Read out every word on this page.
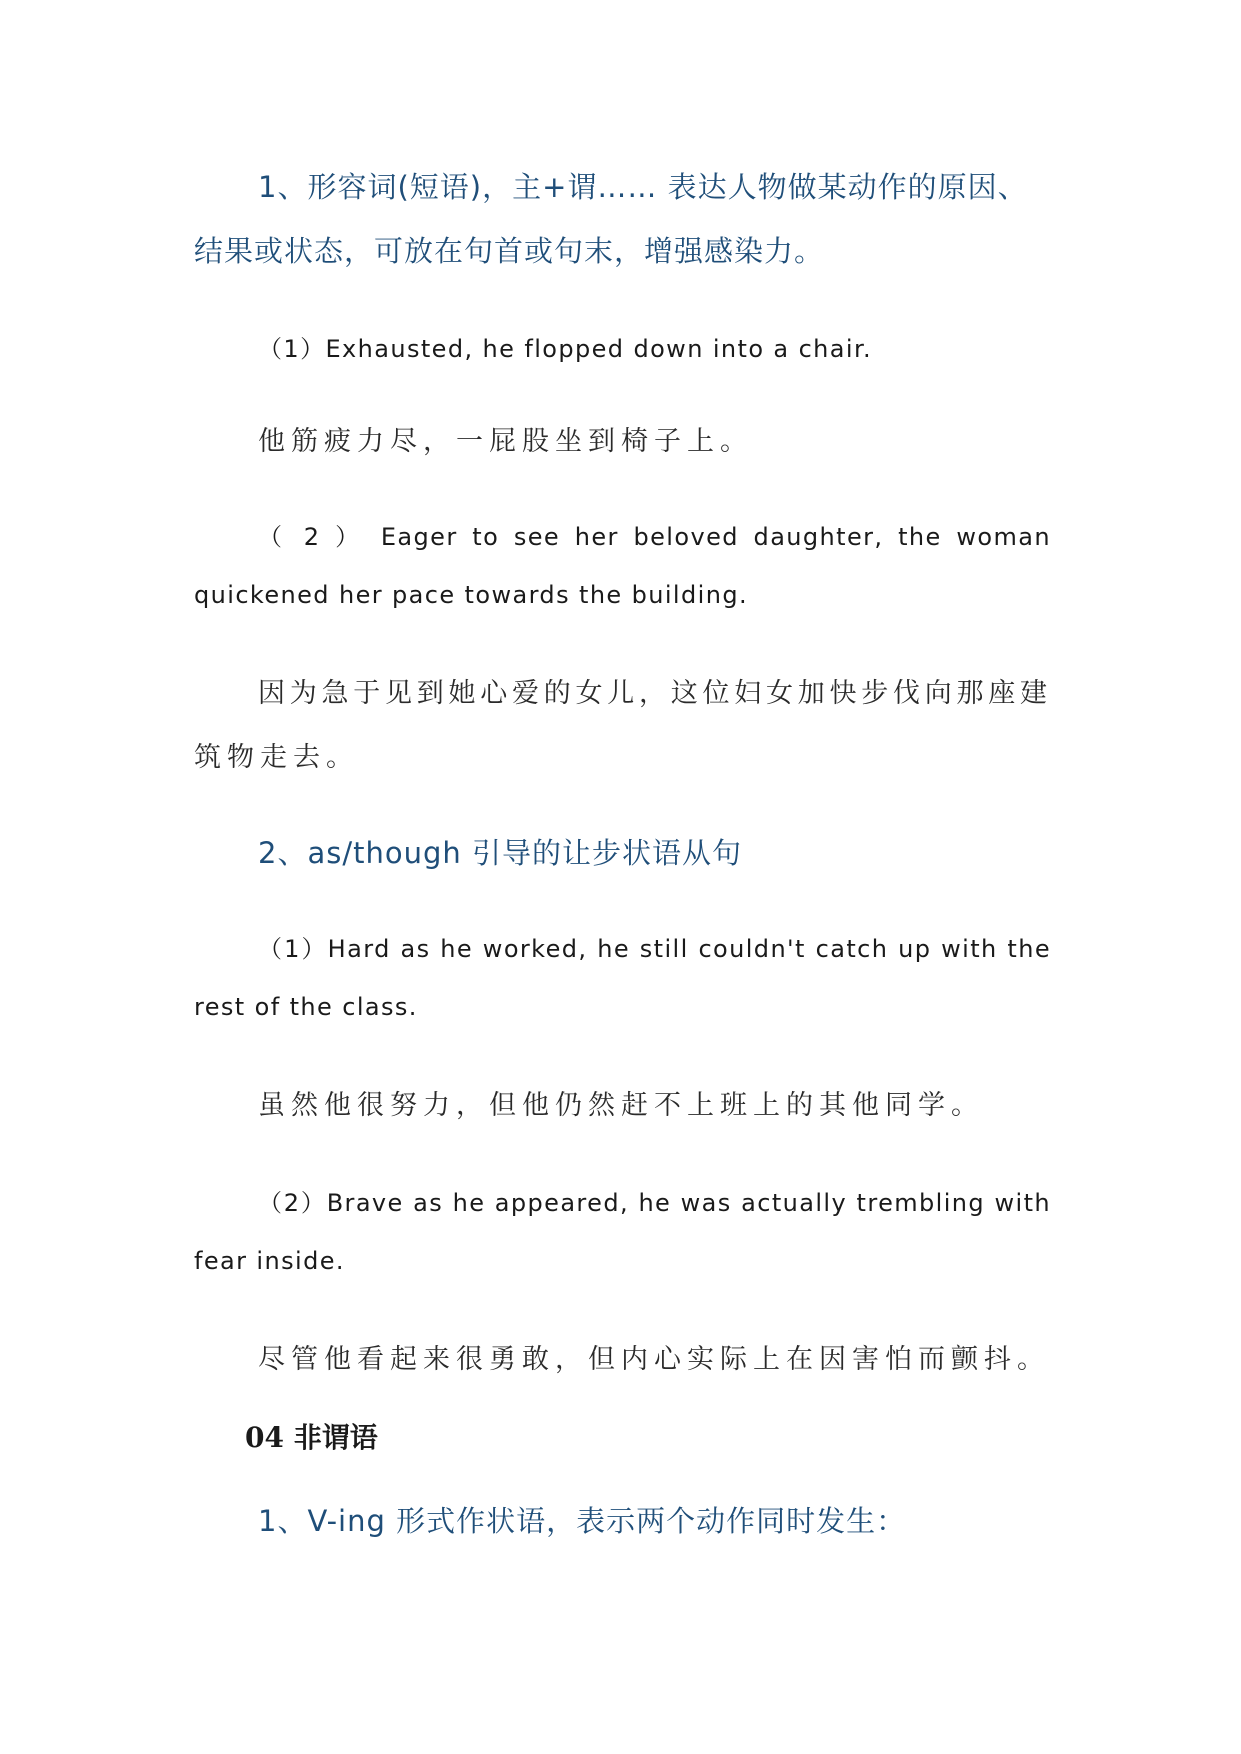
1、形容词(短语)，主+谓…… 表达人物做某动作的原因、
结果或状态，可放在句首或句末，增强感染力。
（1）Exhausted, he flopped down into a chair.
他筋疲力尽，一屁股坐到椅子上。
（ 2 ） Eager to see her beloved daughter, the woman
quickened her pace towards the building.
因为急于见到她心爱的女儿，这位妇女加快步伐向那座建
筑物走去。
2、as/though 引导的让步状语从句
（1）Hard as he worked, he still couldn't catch up with the
rest of the class.
虽然他很努力，但他仍然赶不上班上的其他同学。
（2）Brave as he appeared, he was actually trembling with
fear inside.
尽管他看起来很勇敢，但内心实际上在因害怕而颤抖。
04 非谓语
1、V-ing 形式作状语，表示两个动作同时发生：
